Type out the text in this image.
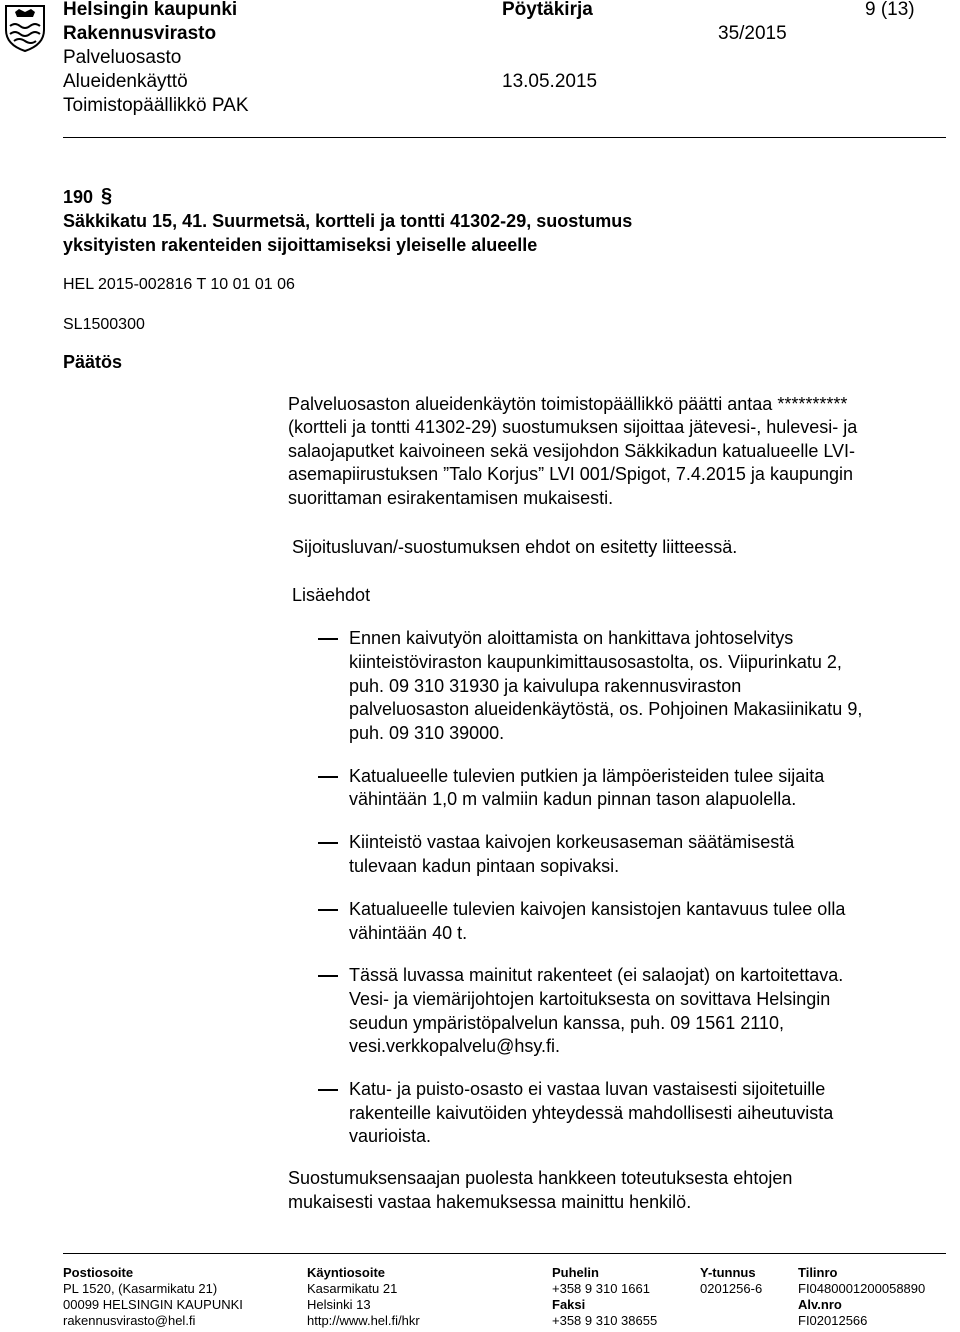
Helsingin kaupunki	Pöytäkirja	9 (13)
Rakennusvirasto	35/2015
Palveluosasto
Alueidenkäyttö	13.05.2015
Toimistopäällikkö PAK
190 §
Säkkikatu 15, 41. Suurmetsä, kortteli ja tontti 41302-29, suostumus
yksityisten rakenteiden sijoittamiseksi yleiselle alueelle
HEL 2015-002816 T 10 01 01 06
SL1500300
Päätös
Palveluosaston alueidenkäytön toimistopäällikkö päätti antaa **********
(kortteli ja tontti 41302-29) suostumuksen sijoittaa jätevesi-, hulevesi- ja
salaojaputket kaivoineen sekä vesijohdon Säkkikadun katualueelle LVI-
asemapiirustuksen ”Talo Korjus” LVI 001/Spigot, 7.4.2015 ja kaupungin
suorittaman esirakentamisen mukaisesti.
Sijoitusluvan/-suostumuksen ehdot on esitetty liitteessä.
Lisäehdot
Ennen kaivutyön aloittamista on hankittava johtoselvitys
kiinteistöviraston kaupunkimittausosastolta, os. Viipurinkatu 2,
puh. 09 310 31930 ja kaivulupa rakennusviraston
palveluosaston alueidenkäytöstä, os. Pohjoinen Makasiinikatu 9,
puh. 09 310 39000.
Katualueelle tulevien putkien ja lämpöeristeiden tulee sijaita
vähintään 1,0 m valmiin kadun pinnan tason alapuolella.
Kiinteistö vastaa kaivojen korkeusaseman säätämisestä
tulevaan kadun pintaan sopivaksi.
Katualueelle tulevien kaivojen kansistojen kantavuus tulee olla
vähintään 40 t.
Tässä luvassa mainitut rakenteet (ei salaojat) on kartoitettava.
Vesi- ja viemärijohtojen kartoituksesta on sovittava Helsingin
seudun ympäristöpalvelun kanssa, puh. 09 1561 2110,
vesi.verkkopalvelu@hsy.fi.
Katu- ja puisto-osasto ei vastaa luvan vastaisesti sijoitetuille
rakenteille kaivutöiden yhteydessä mahdollisesti aiheutuvista
vaurioista.
Suostumuksensaajan puolesta hankkeen toteutuksesta ehtojen
mukaisesti vastaa hakemuksessa mainittu henkilö.
Postiosoite
PL 1520, (Kasarmikatu 21)
00099 HELSINGIN KAUPUNKI
rakennusvirasto@hel.fi
Käyntiosoite
Kasarmikatu 21
Helsinki 13
http://www.hel.fi/hkr
Puhelin
+358 9 310 1661
Faksi
+358 9 310 38655
Y-tunnus
0201256-6
Tilinro
FI0480001200058890
Alv.nro
FI02012566
